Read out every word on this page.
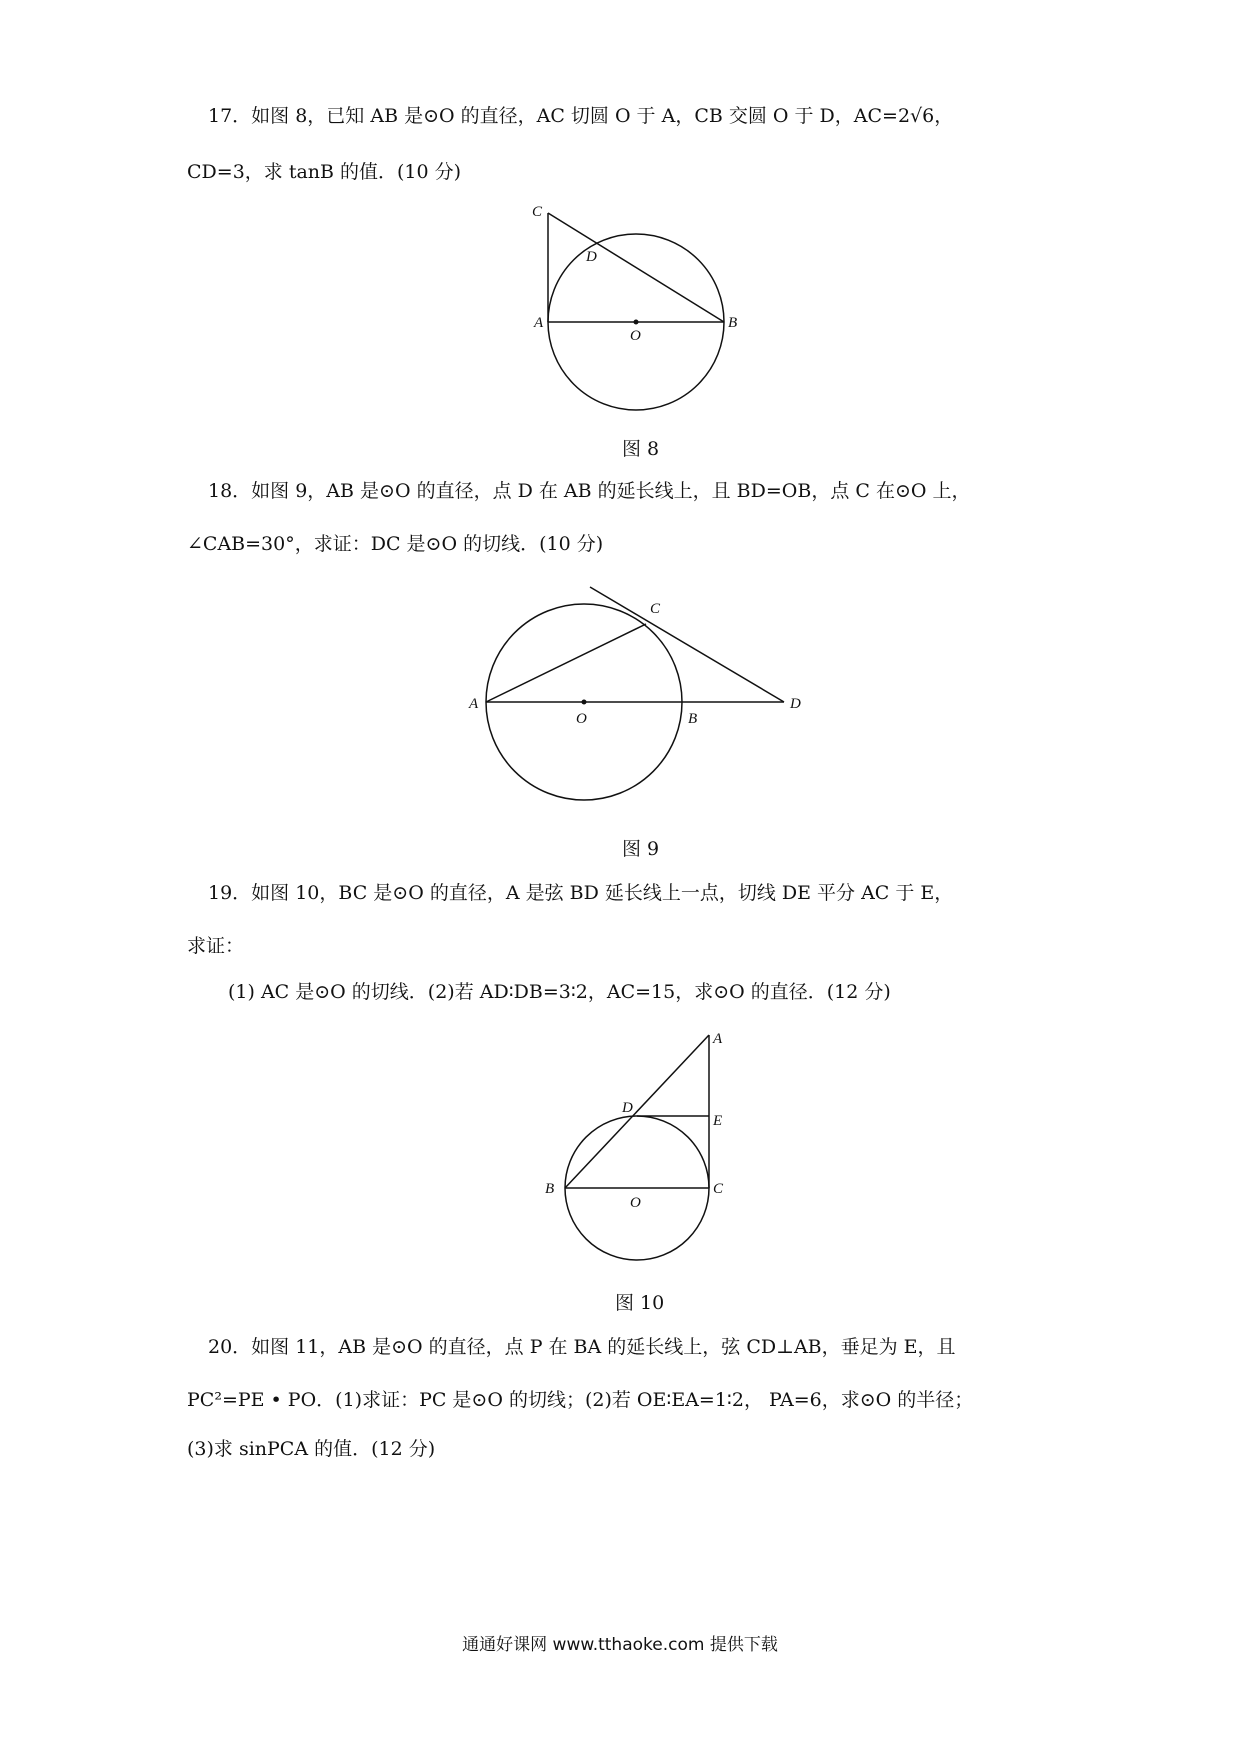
17．如图 8，已知 AB 是⊙O 的直径，AC 切圆 O 于 A，CB 交圆 O 于 D，AC=2√6，
CD=3，求 tanB 的值．(10 分)
C
D
A	B
O
图 8
18．如图 9，AB 是⊙O 的直径，点 D 在 AB 的延长线上，且 BD=OB，点 C 在⊙O 上，
∠CAB=30°，求证：DC 是⊙O 的切线．(10 分)
C
A
O	B
D
图 9
19．如图 10，BC 是⊙O 的直径，A 是弦 BD 延长线上一点，切线 DE 平分 AC 于 E，
求证：
(1) AC 是⊙O 的切线．(2)若 AD∶DB=3∶2，AC=15，求⊙O 的直径．(12 分)
A
D
E
B
O
C
图 10
20．如图 11，AB 是⊙O 的直径，点 P 在 BA 的延长线上，弦 CD⊥AB，垂足为 E，且
PC²=PE • PO．(1)求证：PC 是⊙O 的切线；(2)若 OE∶EA=1∶2， PA=6，求⊙O 的半径；
(3)求 sinPCA 的值．(12 分)
通通好课网 www.tthaoke.com 提供下载
